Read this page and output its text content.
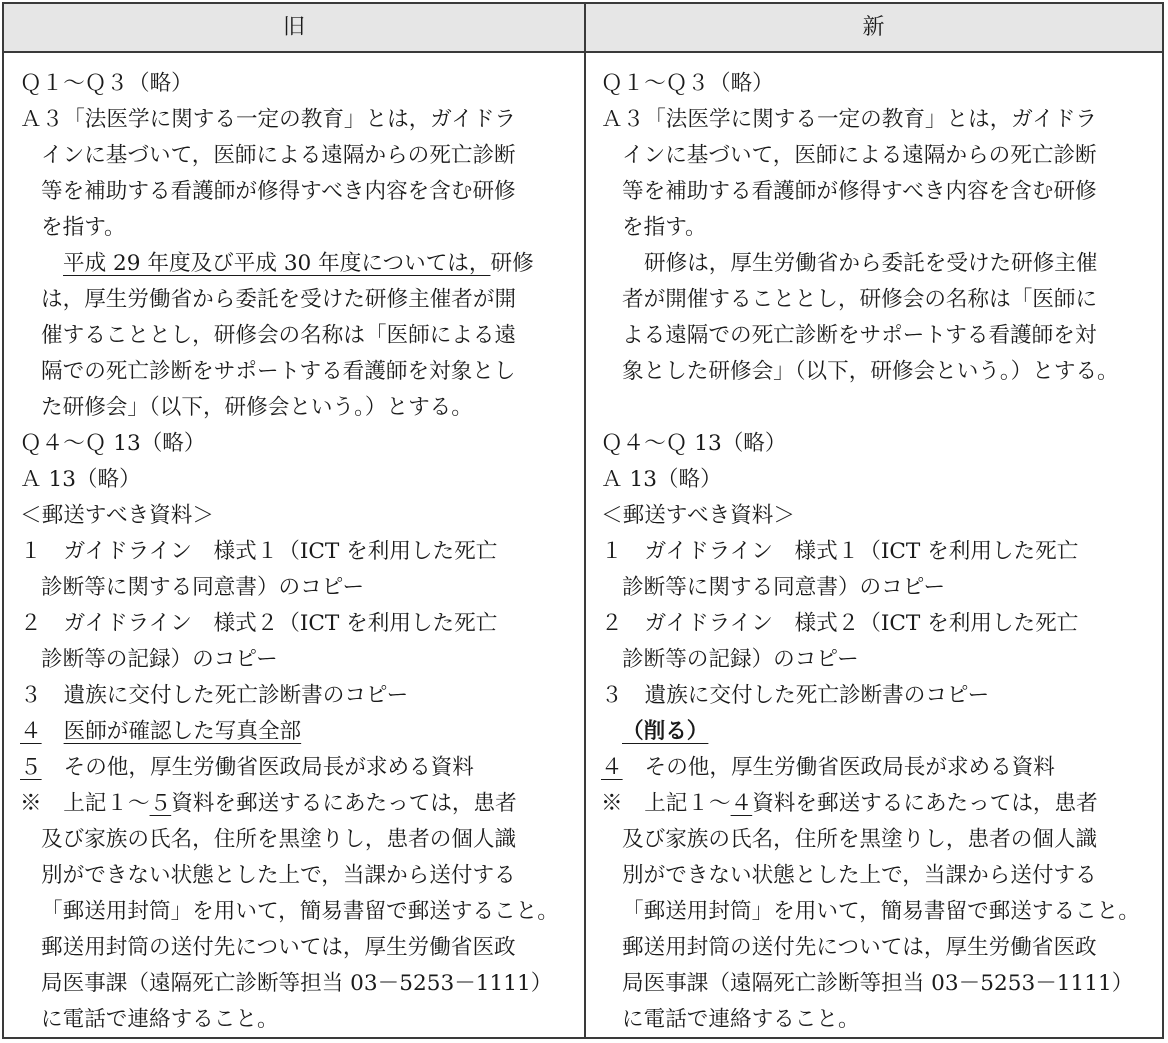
旧	新
Ｑ１～Ｑ３（略）
Ａ３「法医学に関する一定の教育」とは，ガイドラ
インに基づいて，医師による遠隔からの死亡診断
等を補助する看護師が修得すべき内容を含む研修
を指す。
平成 29 年度及び平成 30 年度については，研修
は，厚生労働省から委託を受けた研修主催者が開
催することとし，研修会の名称は「医師による遠
隔での死亡診断をサポートする看護師を対象とし
た研修会」（以下，研修会という。）とする。
Ｑ４～Ｑ 13（略）
Ａ 13（略）
＜郵送すべき資料＞
１ ガイドライン　様式１（ICT を利用した死亡
診断等に関する同意書）のコピー
２ ガイドライン　様式２（ICT を利用した死亡
診断等の記録）のコピー
３ 遺族に交付した死亡診断書のコピー
４ 医師が確認した写真全部
５ その他，厚生労働省医政局長が求める資料
※　上記１～５資料を郵送するにあたっては，患者
及び家族の氏名，住所を黒塗りし，患者の個人識
別ができない状態とした上で，当課から送付する
「郵送用封筒」を用いて，簡易書留で郵送すること。
郵送用封筒の送付先については，厚生労働省医政
局医事課（遠隔死亡診断等担当 03－5253－1111）
に電話で連絡すること。
Ｑ１～Ｑ３（略）
Ａ３「法医学に関する一定の教育」とは，ガイドラ
インに基づいて，医師による遠隔からの死亡診断
等を補助する看護師が修得すべき内容を含む研修
を指す。
研修は，厚生労働省から委託を受けた研修主催
者が開催することとし，研修会の名称は「医師に
よる遠隔での死亡診断をサポートする看護師を対
象とした研修会」（以下，研修会という。）とする。
Ｑ４～Ｑ 13（略）
Ａ 13（略）
＜郵送すべき資料＞
１ ガイドライン　様式１（ICT を利用した死亡
診断等に関する同意書）のコピー
２ ガイドライン　様式２（ICT を利用した死亡
診断等の記録）のコピー
３ 遺族に交付した死亡診断書のコピー
（削る）
４ その他，厚生労働省医政局長が求める資料
※　上記１～４資料を郵送するにあたっては，患者
及び家族の氏名，住所を黒塗りし，患者の個人識
別ができない状態とした上で，当課から送付する
「郵送用封筒」を用いて，簡易書留で郵送すること。
郵送用封筒の送付先については，厚生労働省医政
局医事課（遠隔死亡診断等担当 03－5253－1111）
に電話で連絡すること。
